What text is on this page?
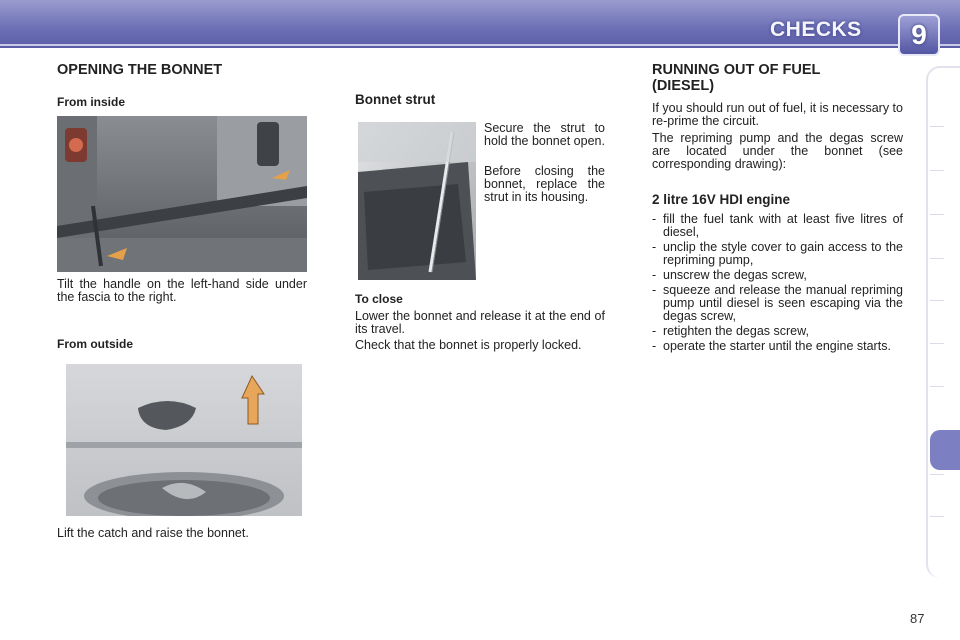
CHECKS	9
OPENING THE BONNET
From inside
Tilt the handle on the left-hand side under the fascia to the right.
From outside
Lift the catch and raise the bonnet.
Bonnet strut
Secure the strut to hold the bonnet open.
Before closing the bonnet, replace the strut in its housing.
To close
Lower the bonnet and release it at the end of its travel.
Check that the bonnet is properly locked.
RUNNING OUT OF FUEL (DIESEL)
If you should run out of fuel, it is necessary to re-prime the circuit.
The repriming pump and the degas screw are located under the bonnet (see corresponding drawing):
2 litre 16V HDI engine
- fill the fuel tank with at least five litres of diesel,
- unclip the style cover to gain access to the repriming pump,
- unscrew the degas screw,
- squeeze and release the manual repriming pump until diesel is seen escaping via the degas screw,
- retighten the degas screw,
- operate the starter until the engine starts.
87
